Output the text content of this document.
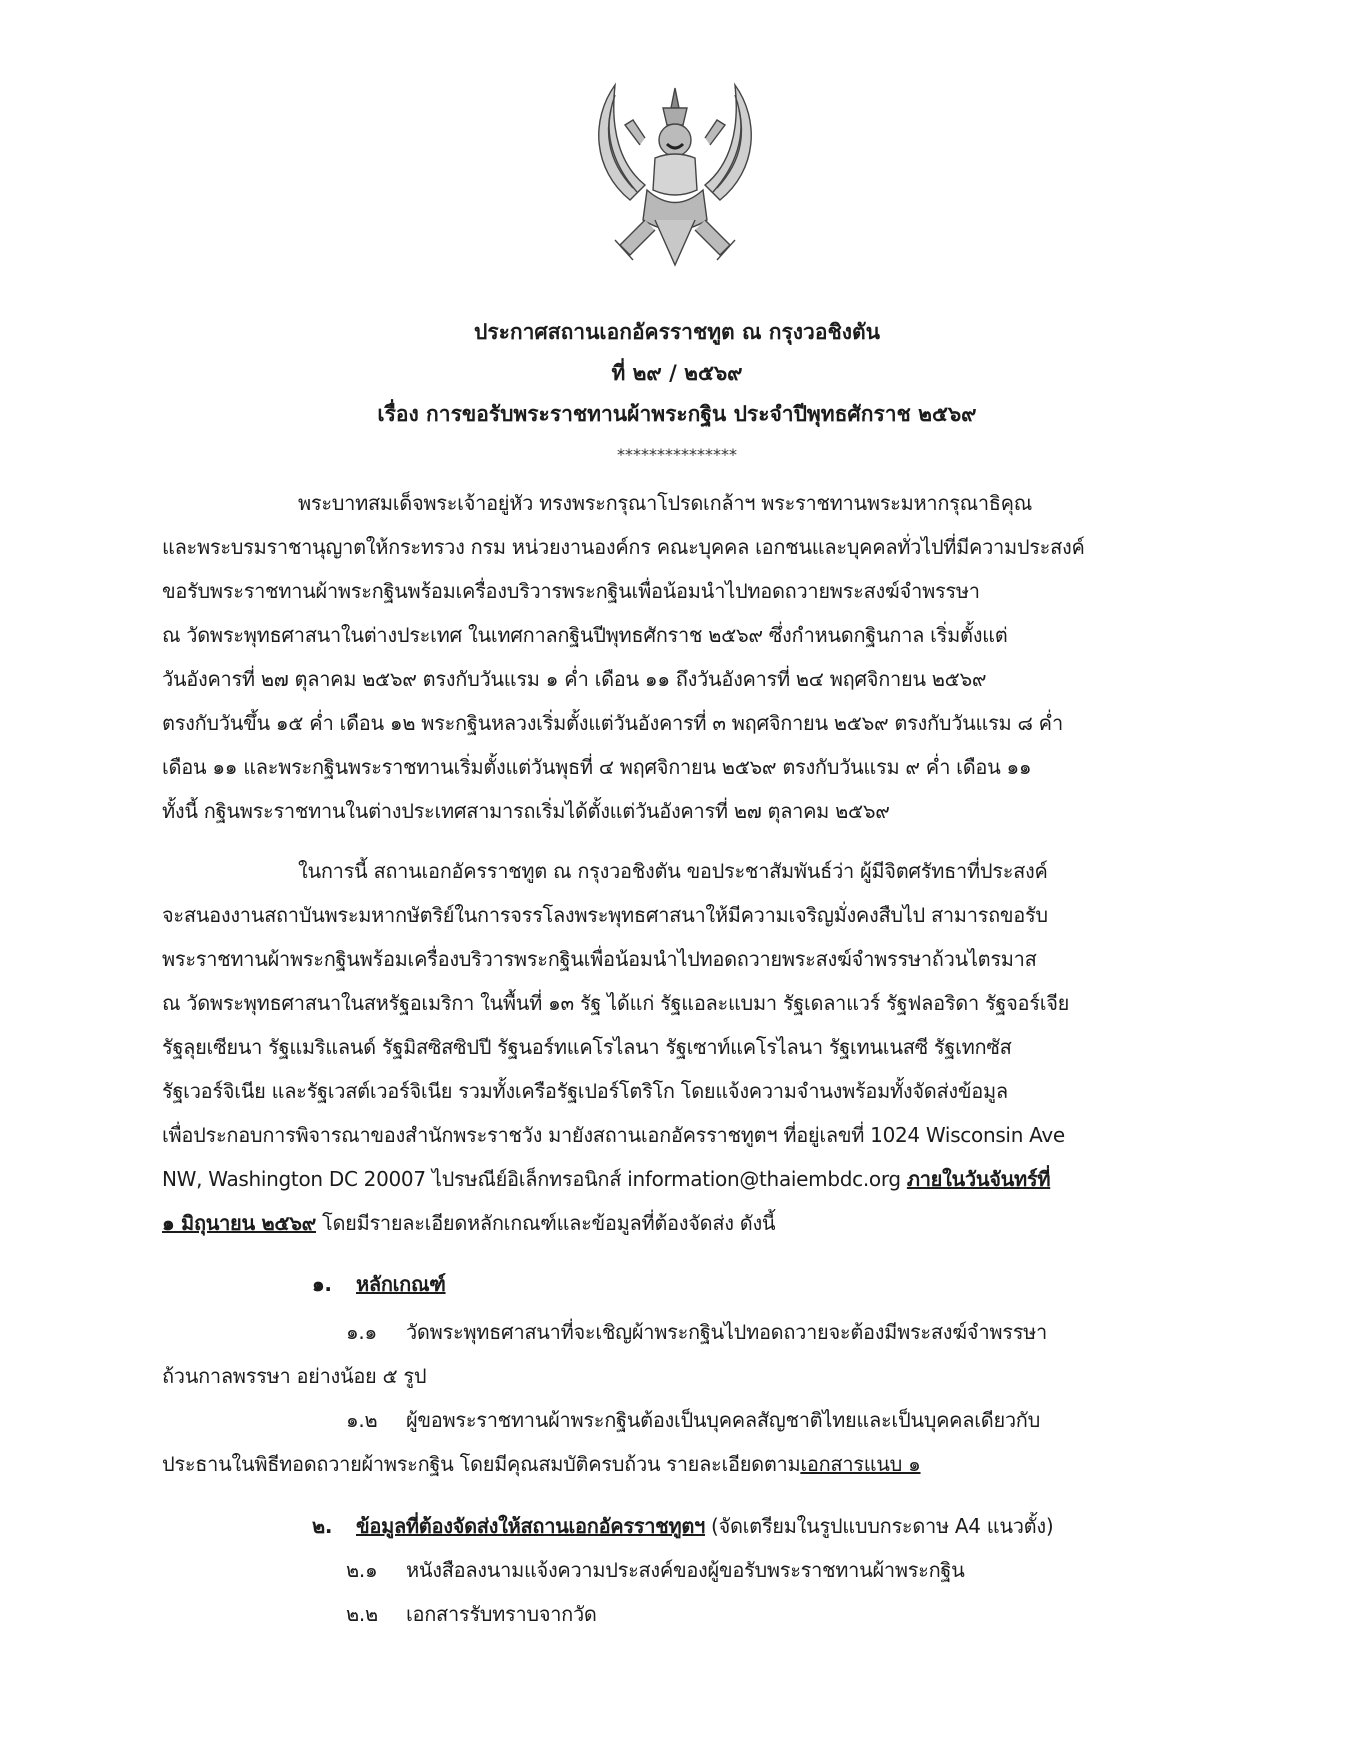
ประกาศสถานเอกอัครราชทูต ณ กรุงวอชิงตัน
ที่ ๒๙ / ๒๕๖๙
เรื่อง การขอรับพระราชทานผ้าพระกฐิน ประจำปีพุทธศักราช ๒๕๖๙
***************
พระบาทสมเด็จพระเจ้าอยู่หัว ทรงพระกรุณาโปรดเกล้าฯ พระราชทานพระมหากรุณาธิคุณ
และพระบรมราชานุญาตให้กระทรวง กรม หน่วยงานองค์กร คณะบุคคล เอกชนและบุคคลทั่วไปที่มีความประสงค์
ขอรับพระราชทานผ้าพระกฐินพร้อมเครื่องบริวารพระกฐินเพื่อน้อมนำไปทอดถวายพระสงฆ์จำพรรษา
ณ วัดพระพุทธศาสนาในต่างประเทศ ในเทศกาลกฐินปีพุทธศักราช ๒๕๖๙ ซึ่งกำหนดกฐินกาล เริ่มตั้งแต่
วันอังคารที่ ๒๗ ตุลาคม ๒๕๖๙ ตรงกับวันแรม ๑ ค่ำ เดือน ๑๑ ถึงวันอังคารที่ ๒๔ พฤศจิกายน ๒๕๖๙
ตรงกับวันขึ้น ๑๕ ค่ำ เดือน ๑๒ พระกฐินหลวงเริ่มตั้งแต่วันอังคารที่ ๓ พฤศจิกายน ๒๕๖๙ ตรงกับวันแรม ๘ ค่ำ
เดือน ๑๑ และพระกฐินพระราชทานเริ่มตั้งแต่วันพุธที่ ๔ พฤศจิกายน ๒๕๖๙ ตรงกับวันแรม ๙ ค่ำ เดือน ๑๑
ทั้งนี้ กฐินพระราชทานในต่างประเทศสามารถเริ่มได้ตั้งแต่วันอังคารที่ ๒๗ ตุลาคม ๒๕๖๙
ในการนี้ สถานเอกอัครราชทูต ณ กรุงวอชิงตัน ขอประชาสัมพันธ์ว่า ผู้มีจิตศรัทธาที่ประสงค์
จะสนองงานสถาบันพระมหากษัตริย์ในการจรรโลงพระพุทธศาสนาให้มีความเจริญมั่งคงสืบไป สามารถขอรับ
พระราชทานผ้าพระกฐินพร้อมเครื่องบริวารพระกฐินเพื่อน้อมนำไปทอดถวายพระสงฆ์จำพรรษาถ้วนไตรมาส
ณ วัดพระพุทธศาสนาในสหรัฐอเมริกา ในพื้นที่ ๑๓ รัฐ ได้แก่ รัฐแอละแบมา รัฐเดลาแวร์ รัฐฟลอริดา รัฐจอร์เจีย
รัฐลุยเซียนา รัฐแมริแลนด์ รัฐมิสซิสซิปปี รัฐนอร์ทแคโรไลนา รัฐเซาท์แคโรไลนา รัฐเทนเนสซี รัฐเทกซัส
รัฐเวอร์จิเนีย และรัฐเวสต์เวอร์จิเนีย รวมทั้งเครือรัฐเปอร์โตริโก โดยแจ้งความจำนงพร้อมทั้งจัดส่งข้อมูล
เพื่อประกอบการพิจารณาของสำนักพระราชวัง มายังสถานเอกอัครราชทูตฯ ที่อยู่เลขที่ 1024 Wisconsin Ave
NW, Washington DC 20007 ไปรษณีย์อิเล็กทรอนิกส์ information@thaiembdc.org ภายในวันจันทร์ที่
๑ มิถุนายน ๒๕๖๙ โดยมีรายละเอียดหลักเกณฑ์และข้อมูลที่ต้องจัดส่ง ดังนี้
๑. หลักเกณฑ์
๑.๑ วัดพระพุทธศาสนาที่จะเชิญผ้าพระกฐินไปทอดถวายจะต้องมีพระสงฆ์จำพรรษา
ถ้วนกาลพรรษา อย่างน้อย ๕ รูป
๑.๒ ผู้ขอพระราชทานผ้าพระกฐินต้องเป็นบุคคลสัญชาติไทยและเป็นบุคคลเดียวกับ
ประธานในพิธีทอดถวายผ้าพระกฐิน โดยมีคุณสมบัติครบถ้วน รายละเอียดตามเอกสารแนบ ๑
๒. ข้อมูลที่ต้องจัดส่งให้สถานเอกอัครราชทูตฯ (จัดเตรียมในรูปแบบกระดาษ A4 แนวตั้ง)
๒.๑ หนังสือลงนามแจ้งความประสงค์ของผู้ขอรับพระราชทานผ้าพระกฐิน
๒.๒ เอกสารรับทราบจากวัด
